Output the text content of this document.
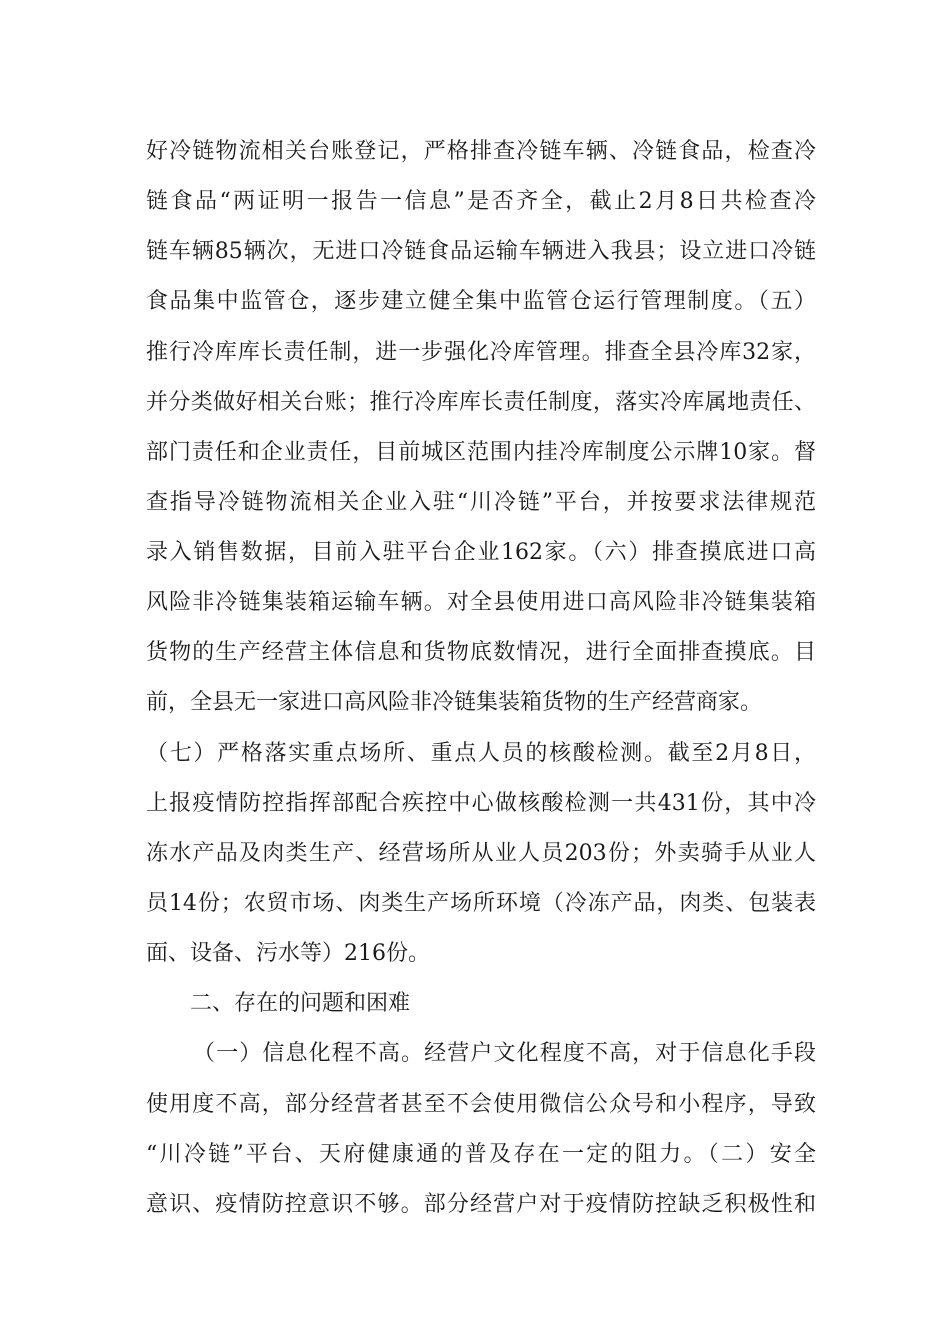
好冷链物流相关台账登记，严格排查冷链车辆、冷链食品，检查冷
链食品“两证明一报告一信息”是否齐全，截止2月8日共检查冷
链车辆85辆次，无进口冷链食品运输车辆进入我县；设立进口冷链
食品集中监管仓，逐步建立健全集中监管仓运行管理制度。（五）
推行冷库库长责任制，进一步强化冷库管理。排查全县冷库32家，
并分类做好相关台账；推行冷库库长责任制度，落实冷库属地责任、
部门责任和企业责任，目前城区范围内挂冷库制度公示牌10家。督
查指导冷链物流相关企业入驻“川冷链”平台，并按要求法律规范
录入销售数据，目前入驻平台企业162家。（六）排查摸底进口高
风险非冷链集装箱运输车辆。对全县使用进口高风险非冷链集装箱
货物的生产经营主体信息和货物底数情况，进行全面排查摸底。目
前，全县无一家进口高风险非冷链集装箱货物的生产经营商家。
（七）严格落实重点场所、重点人员的核酸检测。截至2月8日，
上报疫情防控指挥部配合疾控中心做核酸检测一共431份，其中冷
冻水产品及肉类生产、经营场所从业人员203份；外卖骑手从业人
员14份；农贸市场、肉类生产场所环境（冷冻产品，肉类、包装表
面、设备、污水等）216份。
二、存在的问题和困难
（一）信息化程不高。经营户文化程度不高，对于信息化手段
使用度不高，部分经营者甚至不会使用微信公众号和小程序，导致
“川冷链”平台、天府健康通的普及存在一定的阻力。（二）安全
意识、疫情防控意识不够。部分经营户对于疫情防控缺乏积极性和
